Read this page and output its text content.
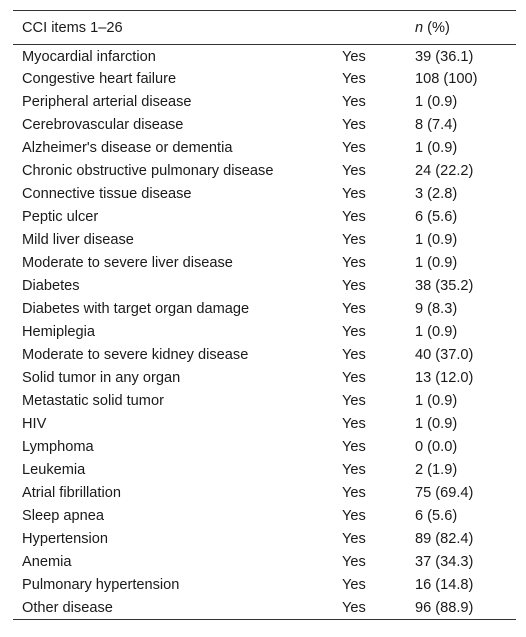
CCI items 1–26		n (%)
Myocardial infarction	Yes	39 (36.1)
Congestive heart failure	Yes	108 (100)
Peripheral arterial disease	Yes	1 (0.9)
Cerebrovascular disease	Yes	8 (7.4)
Alzheimer's disease or dementia	Yes	1 (0.9)
Chronic obstructive pulmonary disease	Yes	24 (22.2)
Connective tissue disease	Yes	3 (2.8)
Peptic ulcer	Yes	6 (5.6)
Mild liver disease	Yes	1 (0.9)
Moderate to severe liver disease	Yes	1 (0.9)
Diabetes	Yes	38 (35.2)
Diabetes with target organ damage	Yes	9 (8.3)
Hemiplegia	Yes	1 (0.9)
Moderate to severe kidney disease	Yes	40 (37.0)
Solid tumor in any organ	Yes	13 (12.0)
Metastatic solid tumor	Yes	1 (0.9)
HIV	Yes	1 (0.9)
Lymphoma	Yes	0 (0.0)
Leukemia	Yes	2 (1.9)
Atrial fibrillation	Yes	75 (69.4)
Sleep apnea	Yes	6 (5.6)
Hypertension	Yes	89 (82.4)
Anemia	Yes	37 (34.3)
Pulmonary hypertension	Yes	16 (14.8)
Other disease	Yes	96 (88.9)
